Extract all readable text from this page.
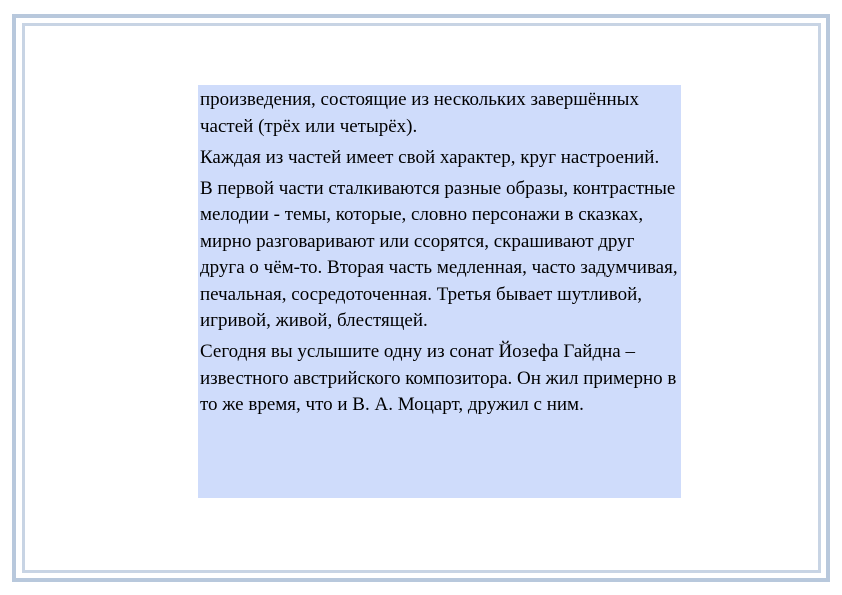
произведения, состоящие из нескольких завершённых частей (трёх или четырёх).

Каждая из частей имеет свой характер, круг настроений.

В первой части сталкиваются разные образы, контрастные мелодии - темы, которые, словно персонажи в сказках, мирно разговаривают или ссорятся, скрашивают друг друга о чём-то. Вторая часть медленная, часто задумчивая, печальная, сосредоточенная. Третья бывает шутливой, игривой, живой, блестящей.

Сегодня вы услышите одну из сонат Йозефа Гайдна – известного австрийского композитора. Он жил примерно в то же время, что и В. А. Моцарт, дружил с ним.
